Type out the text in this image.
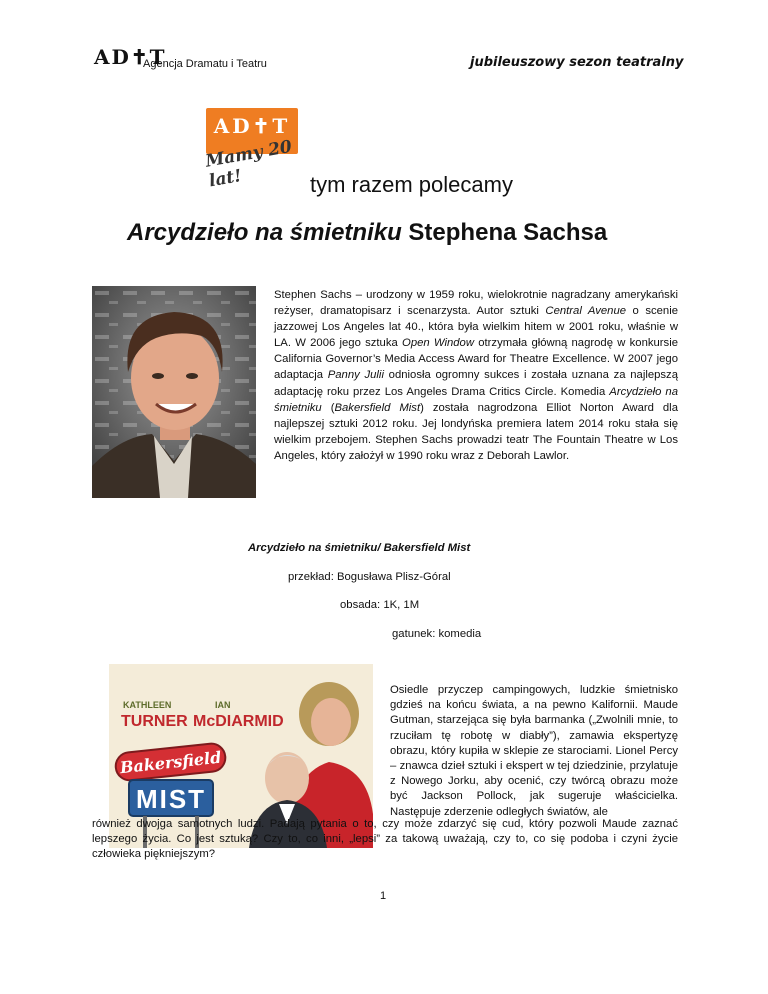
AD✝T
Agencja Dramatu i Teatru	jubileuszowy sezon teatralny
AD✝T
Mamy 20 lat!	tym razem polecamy
Arcydzieło na śmietniku Stephena Sachsa
Stephen Sachs – urodzony w 1959 roku, wielokrotnie nagradzany amerykański reżyser, dramatopisarz i scenarzysta. Autor sztuki Central Avenue o scenie jazzowej Los Angeles lat 40., która była wielkim hitem w 2001 roku, właśnie w LA. W 2006 jego sztuka Open Window otrzymała główną nagrodę w konkursie California Governor’s Media Access Award for Theatre Excellence. W 2007 jego adaptacja Panny Julii odniosła ogromny sukces i została uznana za najlepszą adaptację roku przez Los Angeles Drama Critics Circle. Komedia Arcydzieło na śmietniku (Bakersfield Mist) została nagrodzona Elliot Norton Award dla najlepszej sztuki 2012 roku. Jej londyńska premiera latem 2014 roku stała się wielkim przebojem. Stephen Sachs prowadzi teatr The Fountain Theatre w Los Angeles, który założył w 1990 roku wraz z Deborah Lawlor.
Arcydzieło na śmietniku/ Bakersfield Mist
przekład: Bogusława Plisz-Góral
obsada: 1K, 1M
gatunek: komedia
KATHLEEN
TURNER
IAN
McDIARMID
Bakersfield
MIST
Osiedle przyczep campingowych, ludzkie śmietnisko gdzieś na końcu świata, a na pewno Kalifornii. Maude Gutman, starzejąca się była barmanka („Zwolnili mnie, to rzuciłam tę robotę w diabły”), zamawia ekspertyzę obrazu, który kupiła w sklepie ze starociami. Lionel Percy – znawca dzieł sztuki i ekspert w tej dziedzinie, przylatuje z Nowego Jorku, aby ocenić, czy twórcą obrazu może być Jackson Pollock, jak sugeruje właścicielka. Następuje zderzenie odległych światów, ale
również dwojga samotnych ludzi. Padają pytania o to, czy może zdarzyć się cud, który pozwoli Maude zaznać lepszego życia. Co jest sztuką? Czy to, co inni, „lepsi” za takową uważają, czy to, co się podoba i czyni życie człowieka piękniejszym?
1
